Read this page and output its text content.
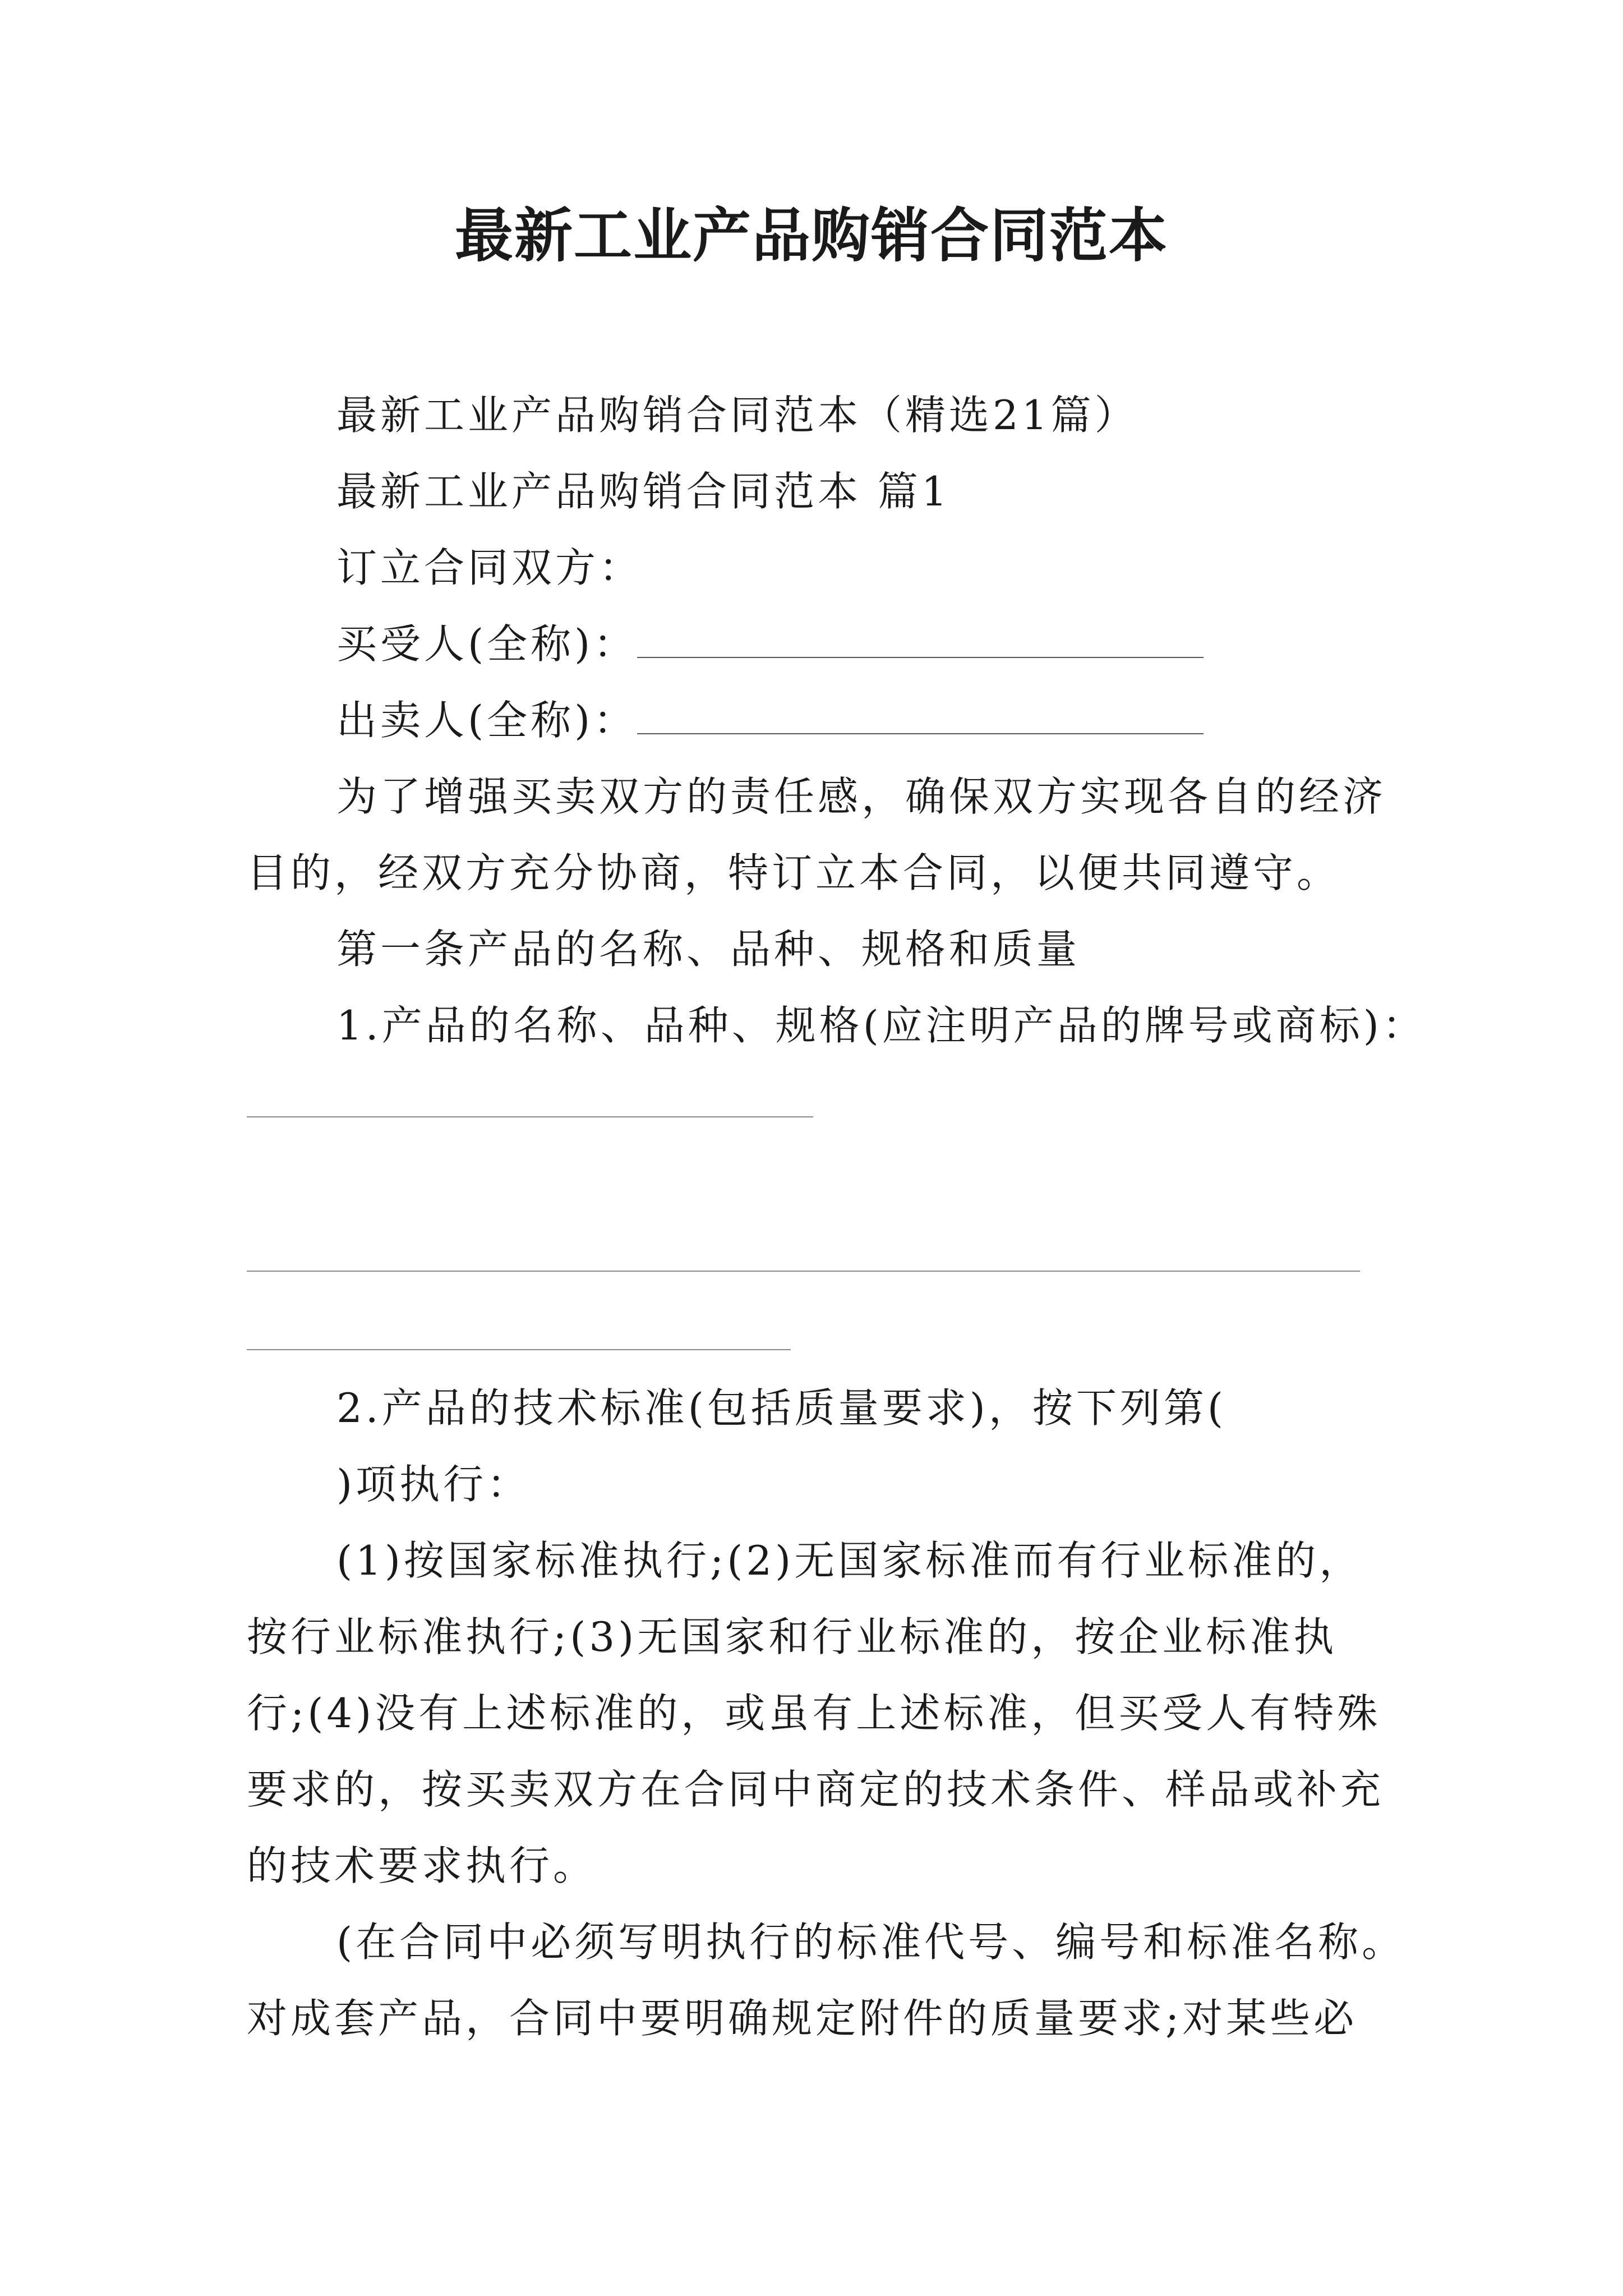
最新工业产品购销合同范本
最新工业产品购销合同范本（精选21篇）
最新工业产品购销合同范本 篇1
订立合同双方：
买受人(全称)：
出卖人(全称)：
为了增强买卖双方的责任感，确保双方实现各自的经济
目的，经双方充分协商，特订立本合同，以便共同遵守。
第一条产品的名称、品种、规格和质量
1.产品的名称、品种、规格(应注明产品的牌号或商标)：
2.产品的技术标准(包括质量要求)，按下列第(
)项执行：
(1)按国家标准执行;(2)无国家标准而有行业标准的，
按行业标准执行;(3)无国家和行业标准的，按企业标准执
行;(4)没有上述标准的，或虽有上述标准，但买受人有特殊
要求的，按买卖双方在合同中商定的技术条件、样品或补充
的技术要求执行。
(在合同中必须写明执行的标准代号、编号和标准名称。
对成套产品，合同中要明确规定附件的质量要求;对某些必
